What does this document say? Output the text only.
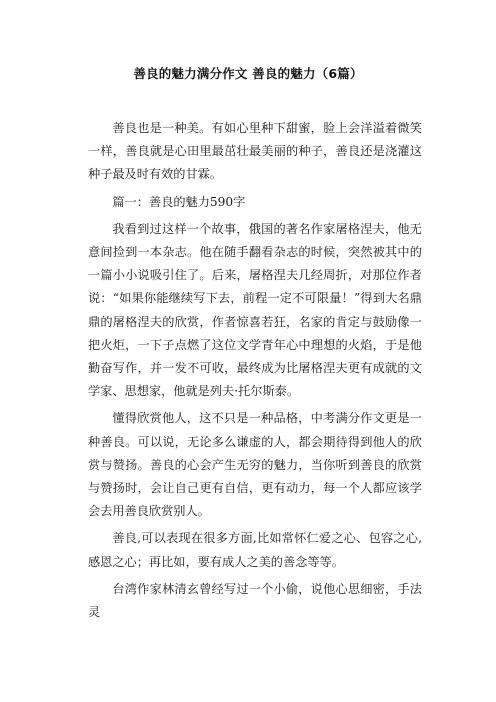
善良的魅力满分作文 善良的魅力（6篇）

善良也是一种美。有如心里种下甜蜜，脸上会洋溢着微笑一样，善良就是心田里最茁壮最美丽的种子，善良还是浇灌这种子最及时有效的甘霖。

篇一：善良的魅力590字

我看到过这样一个故事，俄国的著名作家屠格涅夫，他无意间捡到一本杂志。他在随手翻看杂志的时候，突然被其中的一篇小小说吸引住了。后来，屠格涅夫几经周折，对那位作者说：“如果你能继续写下去，前程一定不可限量！”得到大名鼎鼎的屠格涅夫的欣赏，作者惊喜若狂，名家的肯定与鼓励像一把火炬，一下子点燃了这位文学青年心中理想的火焰，于是他勤奋写作，并一发不可收，最终成为比屠格涅夫更有成就的文学家、思想家，他就是列夫·托尔斯泰。

懂得欣赏他人，这不只是一种品格，中考满分作文更是一种善良。可以说，无论多么谦虚的人，都会期待得到他人的欣赏与赞扬。善良的心会产生无穷的魅力，当你听到善良的欣赏与赞扬时，会让自己更有自信，更有动力，每一个人都应该学会去用善良欣赏别人。

善良,可以表现在很多方面,比如常怀仁爱之心、包容之心,感恩之心；再比如，要有成人之美的善念等等。

台湾作家林清玄曾经写过一个小偷，说他心思细密，手法灵
